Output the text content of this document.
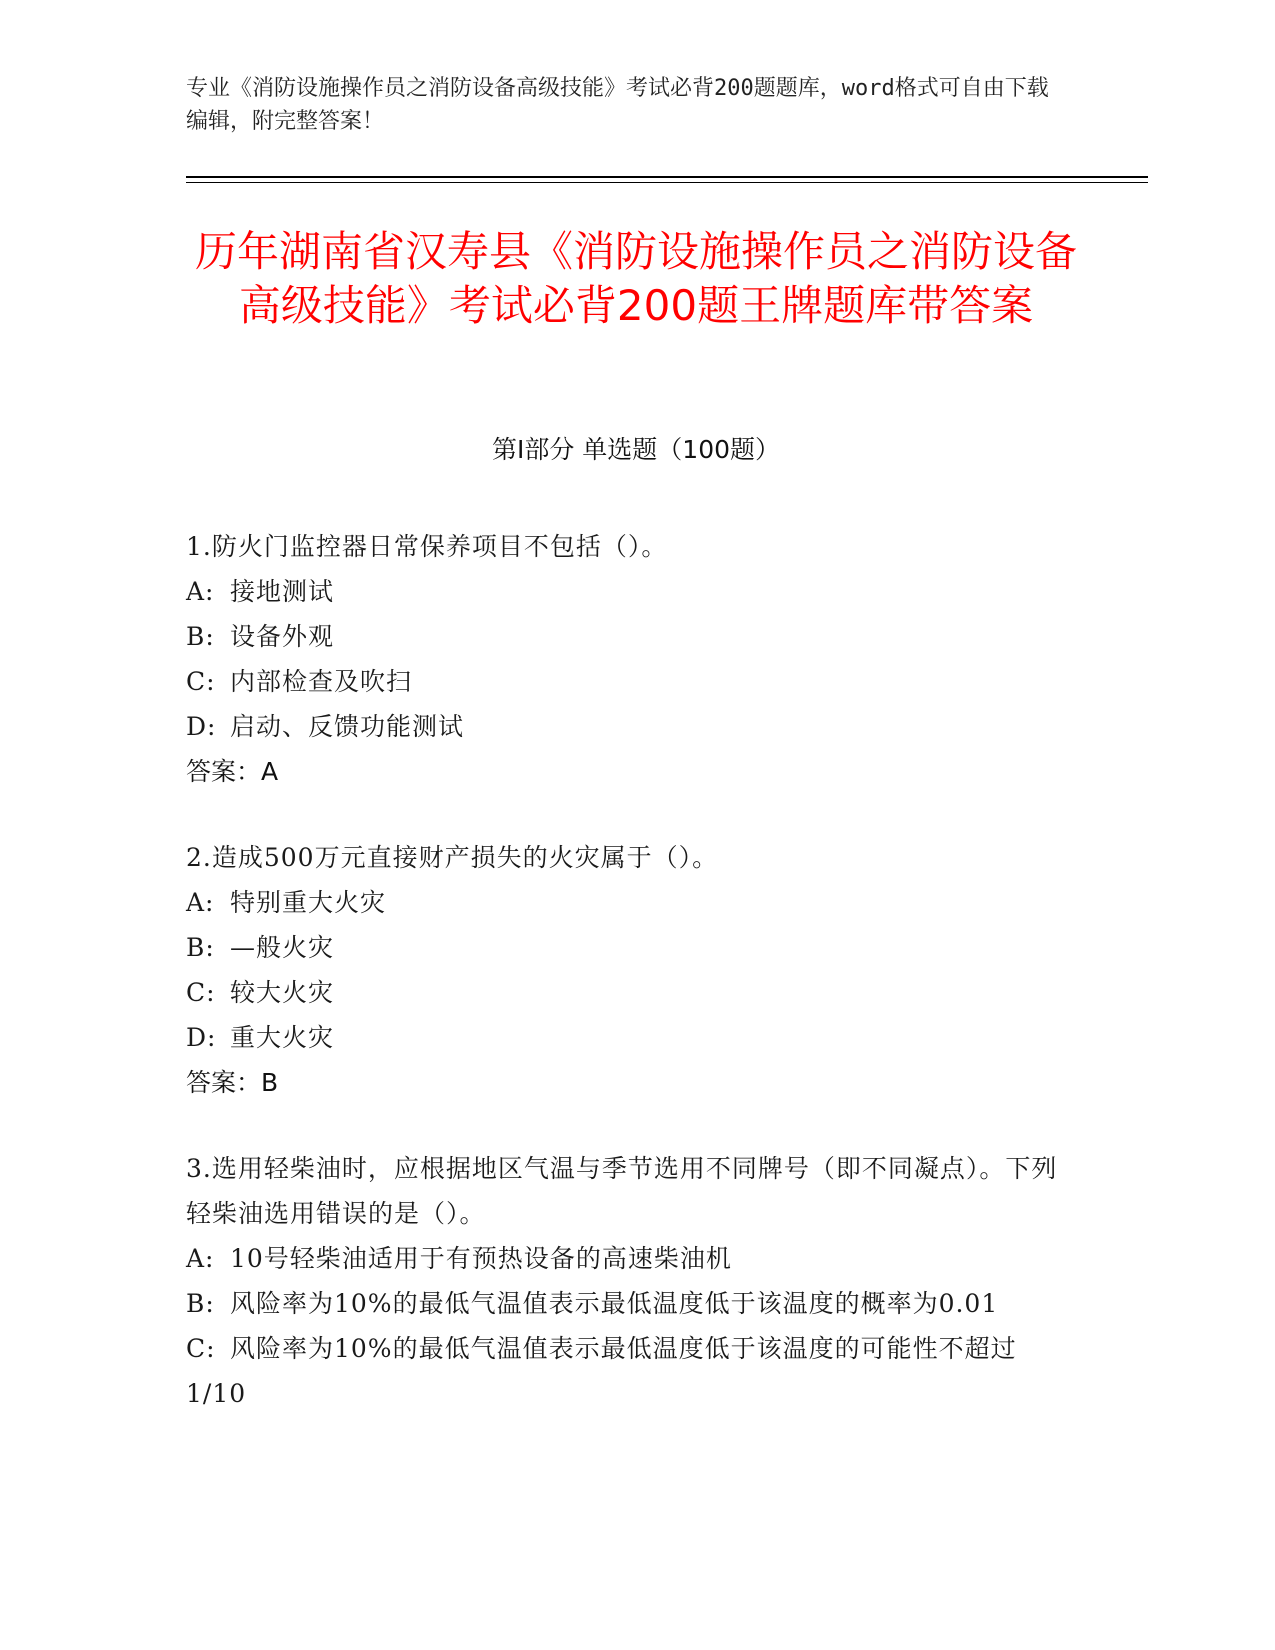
专业《消防设施操作员之消防设备高级技能》考试必背200题题库，word格式可自由下载编辑，附完整答案！
历年湖南省汉寿县《消防设施操作员之消防设备高级技能》考试必背200题王牌题库带答案
第I部分 单选题（100题）
1.防火门监控器日常保养项目不包括（）。
A: 接地测试
B: 设备外观
C: 内部检查及吹扫
D: 启动、反馈功能测试
答案：A
2.造成500万元直接财产损失的火灾属于（）。
A: 特别重大火灾
B: —般火灾
C: 较大火灾
D: 重大火灾
答案：B
3.选用轻柴油时，应根据地区气温与季节选用不同牌号（即不同凝点）。下列轻柴油选用错误的是（）。
A: 10号轻柴油适用于有预热设备的高速柴油机
B: 风险率为10%的最低气温值表示最低温度低于该温度的概率为0.01
C: 风险率为10%的最低气温值表示最低温度低于该温度的可能性不超过1/10
